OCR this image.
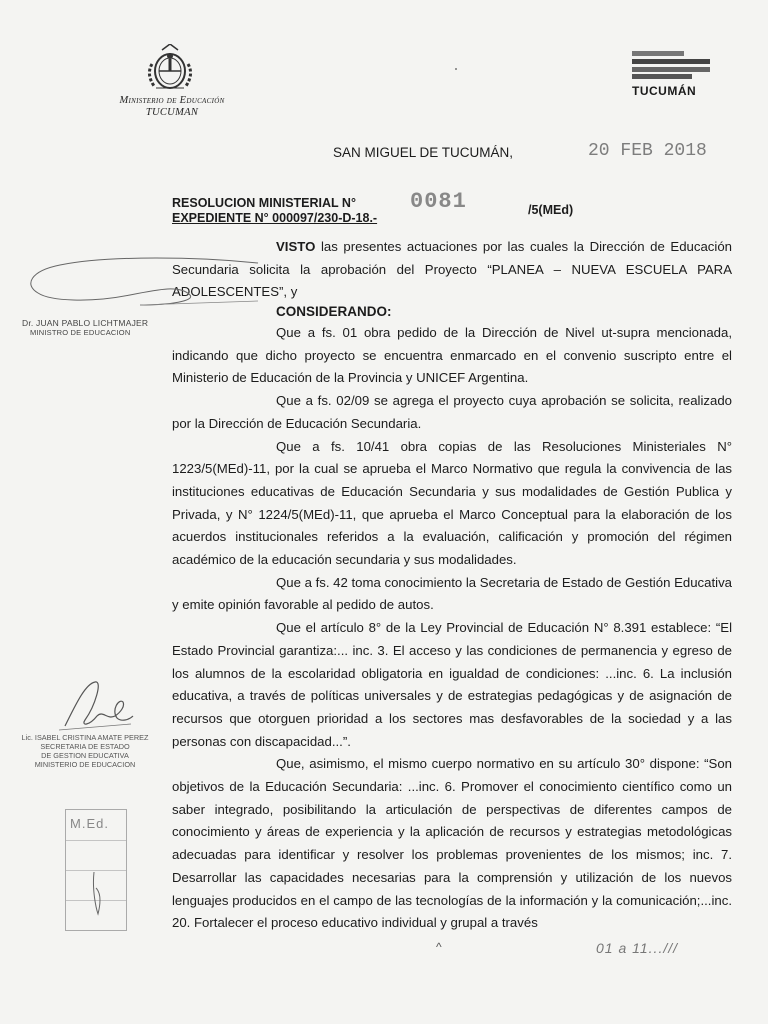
Ministerio de Educación
TUCUMAN
TUCUMÁN
SAN MIGUEL DE TUCUMÁN,	20 FEB 2018
RESOLUCION MINISTERIAL N° 0081	/5(MEd)
EXPEDIENTE N° 000097/230-D-18.-

VISTO las presentes actuaciones por las cuales la Dirección de Educación Secundaria solicita la aprobación del Proyecto “PLANEA – NUEVA ESCUELA PARA ADOLESCENTES”, y

CONSIDERANDO:

Que a fs. 01 obra pedido de la Dirección de Nivel ut-supra mencionada, indicando que dicho proyecto se encuentra enmarcado en el convenio suscripto entre el Ministerio de Educación de la Provincia y UNICEF Argentina.

Que a fs. 02/09 se agrega el proyecto cuya aprobación se solicita, realizado por la Dirección de Educación Secundaria.

Que a fs. 10/41 obra copias de las Resoluciones Ministeriales N° 1223/5(MEd)-11, por la cual se aprueba el Marco Normativo que regula la convivencia de las instituciones educativas de Educación Secundaria y sus modalidades de Gestión Publica y Privada, y N° 1224/5(MEd)-11, que aprueba el Marco Conceptual para la elaboración de los acuerdos institucionales referidos a la evaluación, calificación y promoción del régimen académico de la educación secundaria y sus modalidades.

Que a fs. 42 toma conocimiento la Secretaria de Estado de Gestión Educativa y emite opinión favorable al pedido de autos.

Que el artículo 8° de la Ley Provincial de Educación N° 8.391 establece: “El Estado Provincial garantiza:... inc. 3. El acceso y las condiciones de permanencia y egreso de los alumnos de la escolaridad obligatoria en igualdad de condiciones: ...inc. 6. La inclusión educativa, a través de políticas universales y de estrategias pedagógicas y de asignación de recursos que otorguen prioridad a los sectores mas desfavorables de la sociedad y a las personas con discapacidad...”.

Que, asimismo, el mismo cuerpo normativo en su artículo 30° dispone: “Son objetivos de la Educación Secundaria: ...inc. 6. Promover el conocimiento científico como un saber integrado, posibilitando la articulación de perspectivas de diferentes campos de conocimiento y áreas de experiencia y la aplicación de recursos y estrategias metodológicas adecuadas para identificar y resolver los problemas provenientes de los mismos; inc. 7. Desarrollar las capacidades necesarias para la comprensión y utilización de los nuevos lenguajes producidos en el campo de las tecnologías de la información y la comunicación;...inc. 20. Fortalecer el proceso educativo individual y grupal a través

Dr. JUAN PABLO LICHTMAJER
MINISTRO DE EDUCACION
Lic. ISABEL CRISTINA AMATE PEREZ
SECRETARIA DE ESTADO
DE GESTION EDUCATIVA
MINISTERIO DE EDUCACION
M.Ed.
^	01 a 11...///
